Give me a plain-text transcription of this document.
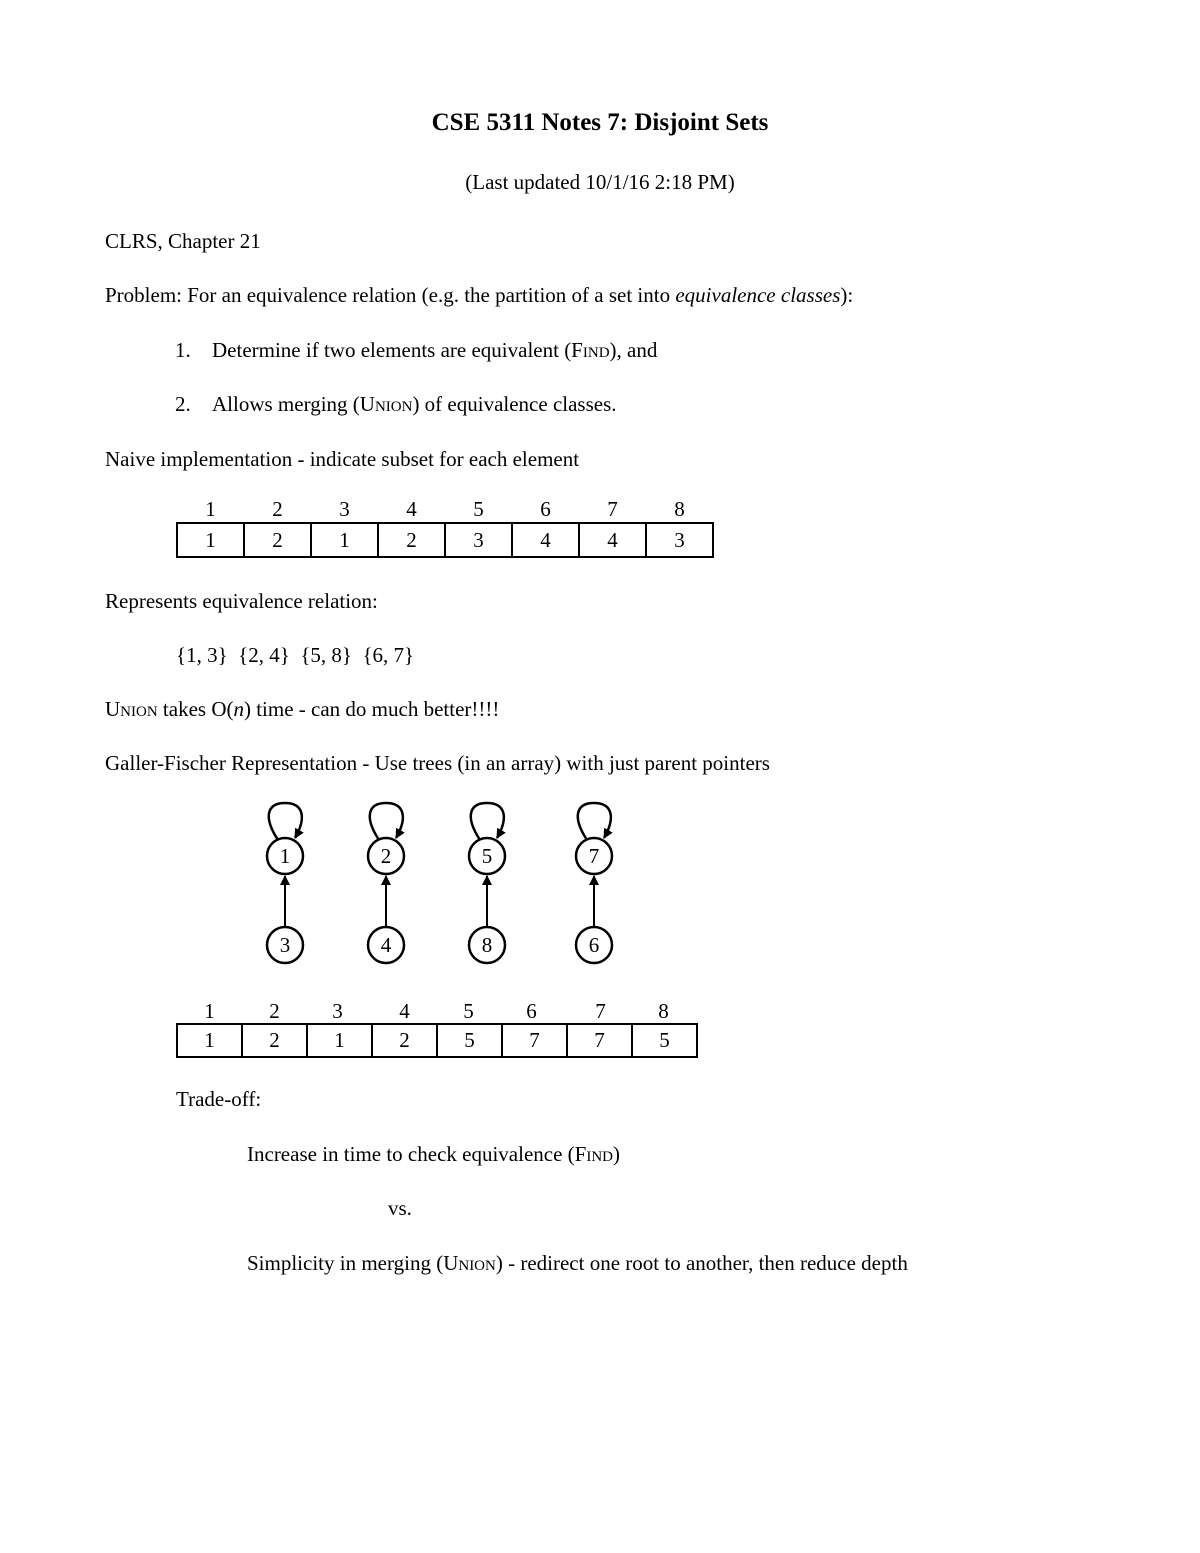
CSE 5311 Notes 7: Disjoint Sets
(Last updated 10/1/16 2:18 PM)
CLRS, Chapter 21
Problem: For an equivalence relation (e.g. the partition of a set into equivalence classes):
1. Determine if two elements are equivalent (FIND), and
2. Allows merging (UNION) of equivalence classes.
Naive implementation - indicate subset for each element
1	2	3	4	5	6	7	8
1	2	1	2	3	4	4	3
Represents equivalence relation:
{1, 3}  {2, 4}  {5, 8}  {6, 7}
UNION takes O(n) time - can do much better!!!!
Galler-Fischer Representation - Use trees (in an array) with just parent pointers
1
3
2
4
5
8
7
6
1	2	3	4	5	6	7	8
1	2	1	2	5	7	7	5
Trade-off:
Increase in time to check equivalence (FIND)
vs.
Simplicity in merging (UNION) - redirect one root to another, then reduce depth
